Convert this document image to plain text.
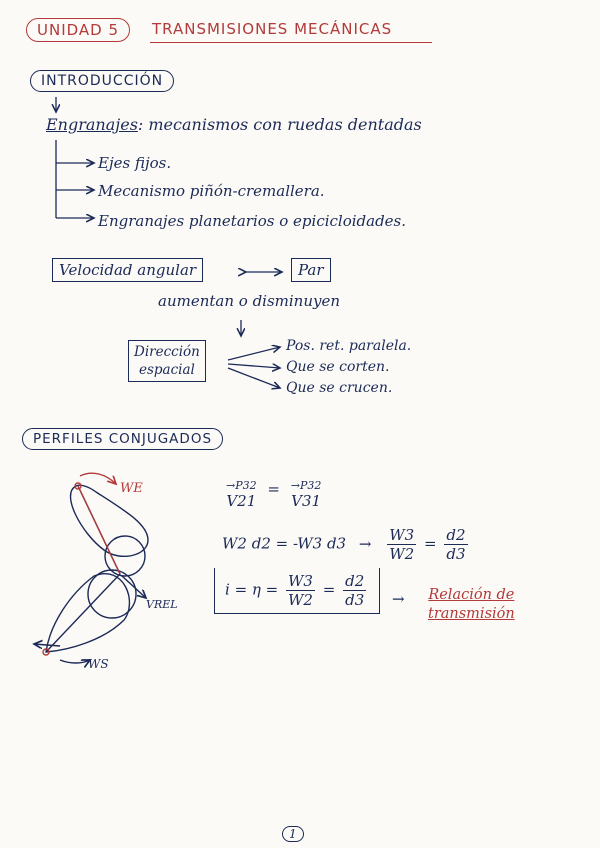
UNIDAD 5	TRANSMISIONES MECÁNICAS
INTRODUCCIÓN
Engranajes: mecanismos con ruedas dentadas
Ejes fijos.
Mecanismo piñón-cremallera.
Engranajes planetarios o epicicloidades.
Velocidad angular	Par
aumentan o disminuyen
Dirección
espacial
Pos. ret. paralela.
Que se corten.
Que se crucen.
PERFILES CONJUGADOS
WE
VREL
WS
→P32
V21
= →P32
V31
W2 d2 = -W3 $d3 \to \frac{W3}{W2} = \frac{d2}{d3}$
$i = \eta = \frac{W3}{W2} = \frac{d2}{d3}$ → Relación de
transmisión
1
